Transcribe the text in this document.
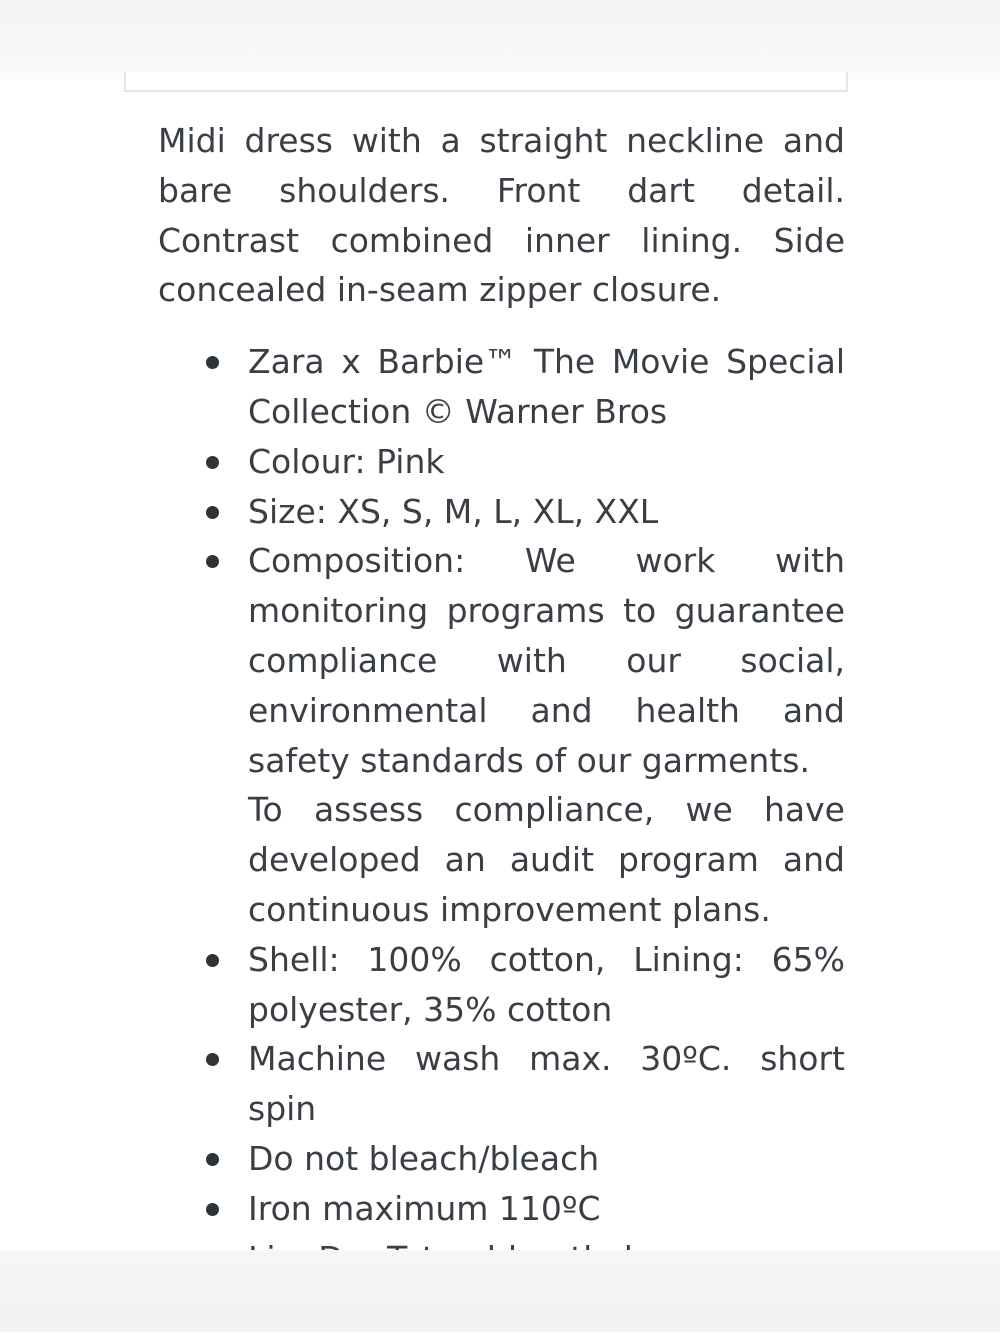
Midi dress with a straight neckline and bare shoulders. Front dart detail. Contrast combined inner lining. Side concealed in-seam zipper closure.

Zara x Barbie™ The Movie Special Collection © Warner Bros
Colour: Pink
Size: XS, S, M, L, XL, XXL

Composition: We work with monitoring programs to guarantee compliance with our social, environmental and health and safety standards of our garments.

To assess compliance, we have developed an audit program and continuous improvement plans.

Shell: 100% cotton, Lining: 65% polyester, 35% cotton
Machine wash max. 30ºC. short spin
Do not bleach/bleach
Iron maximum 110ºC
